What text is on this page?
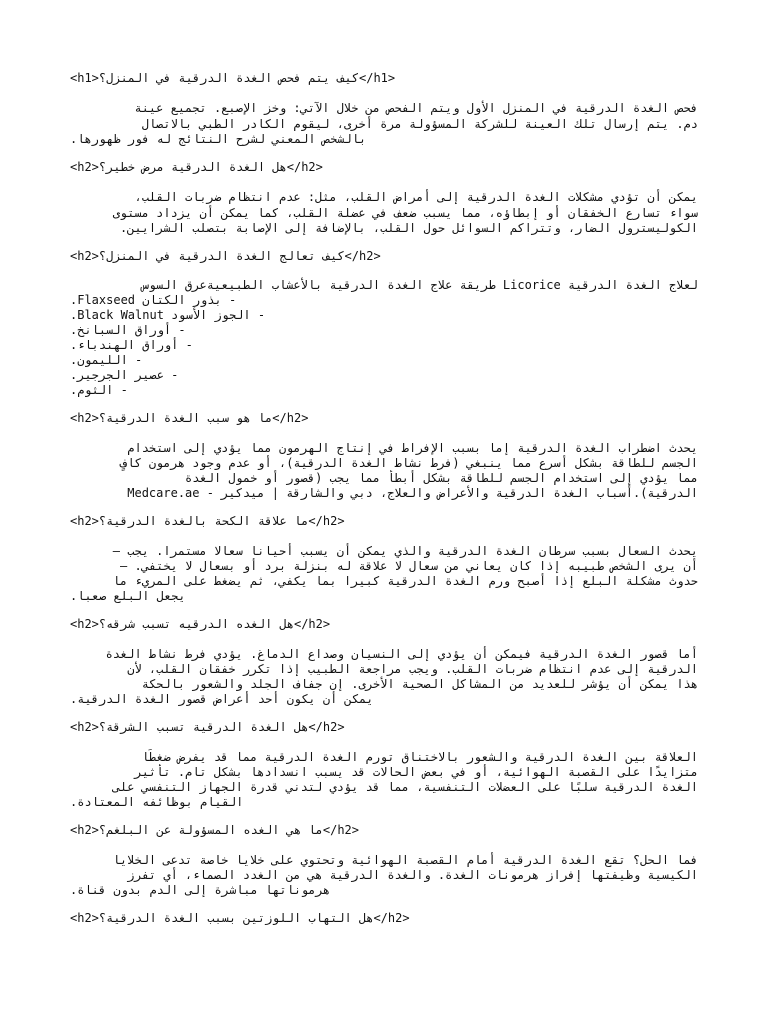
<h1>كيف يتم فحص الغدة الدرقية في المنزل؟</h1>
فحص الغدة الدرقية في المنزل الأول ويتم الفحص من خلال الآتي: وخز الإصبع. تجميع عينة
دم. يتم إرسال تلك العينة للشركة المسؤولة مرة أخرى، ليقوم الكادر الطبي بالاتصال
بالشخص المعني لشرح النتائج له فور ظهورها.
<h2>هل الغدة الدرقية مرض خطير؟</h2>
يمكن أن تؤدي مشكلات الغدة الدرقية إلى أمراض القلب، مثل: عدم انتظام ضربات القلب،
سواء تسارع الخفقان أو إبطاؤه، مما يسبب ضعف في عضلة القلب، كما يمكن أن يزداد مستوى
الكوليسترول الضار، وتتراكم السوائل حول القلب، بالإضافة إلى الإصابة بتصلب الشرايين.
<h2>كيف تعالج الغدة الدرقية في المنزل؟</h2>
لعلاج الغدة الدرقية Licorice طريقة علاج الغدة الدرقية بالأعشاب الطبيعيةعرق السوس
- بذور الكتان Flaxseed.
- الجوز الأسود Black Walnut.
- أوراق السبانخ.
- أوراق الهندباء.
- الليمون.
- عصير الجرجير.
- الثوم.
<h2>ما هو سبب الغدة الدرقية؟</h2>
يحدث اضطراب الغدة الدرقية إما بسبب الإفراط في إنتاج الهرمون مما يؤدي إلى استخدام
الجسم للطاقة بشكل أسرع مما ينبغي (فرط نشاط الغدة الدرقية)، أو عدم وجود هرمون كافٍ
مما يؤدي إلى استخدام الجسم للطاقة بشكل أبطأ مما يجب (قصور أو خمول الغدة
الدرقية).أسباب الغدة الدرقية والأعراض والعلاج، دبي والشارقة | ميدكير - Medcare.ae
<h2>ما علاقة الكحة بالغدة الدرقية؟</h2>
يحدث السعال بسبب سرطان الغدة الدرقية والذي يمكن أن يسبب أحيانا سعالا مستمرا. يجب –
أن يرى الشخص طبيبه إذا كان يعاني من سعال لا علاقة له بنزلة برد أو بسعال لا يختفي. –
حدوث مشكلة البلع إذا أصبح ورم الغدة الدرقية كبيرا بما يكفي، ثم يضغط على المريء ما
يجعل البلع صعبا.
<h2>هل الغده الدرقيه تسبب شرقه؟</h2>
أما قصور الغدة الدرقية فيمكن أن يؤدي إلى النسيان وصداع الدماغ. يؤدي فرط نشاط الغدة
الدرقية إلى عدم انتظام ضربات القلب. ويجب مراجعة الطبيب إذا تكرر خفقان القلب، لأن
هذا يمكن أن يؤشر للعديد من المشاكل الصحية الأخرى. إن جفاف الجلد والشعور بالحكة
يمكن أن يكون أحد أعراض قصور الغدة الدرقية.
<h2>هل الغدة الدرقية تسبب الشرقة؟</h2>
العلاقة بين الغدة الدرقية والشعور بالاختناق تورم الغدة الدرقية مما قد يفرض ضغطًا
متزايدًا على القصبة الهوائية، أو في بعض الحالات قد يسبب انسدادها بشكل تام. تأثير
الغدة الدرقية سلبًا على العضلات التنفسية، مما قد يؤدي لتدني قدرة الجهاز التنفسي على
القيام بوظائفه المعتادة.
<h2>ما هي الغده المسؤولة عن البلغم؟</h2>
فما الحل؟ تقع الغدة الدرقية أمام القصبة الهوائية وتحتوي على خلايا خاصة تدعى الخلايا
الكيسية وظيفتها إفراز هرمونات الغدة. والغدة الدرقية هي من الغدد الصماء، أي تفرز
هرموناتها مباشرة إلى الدم بدون قناة.
<h2>هل التهاب اللوزتين بسبب الغدة الدرقية؟</h2>
